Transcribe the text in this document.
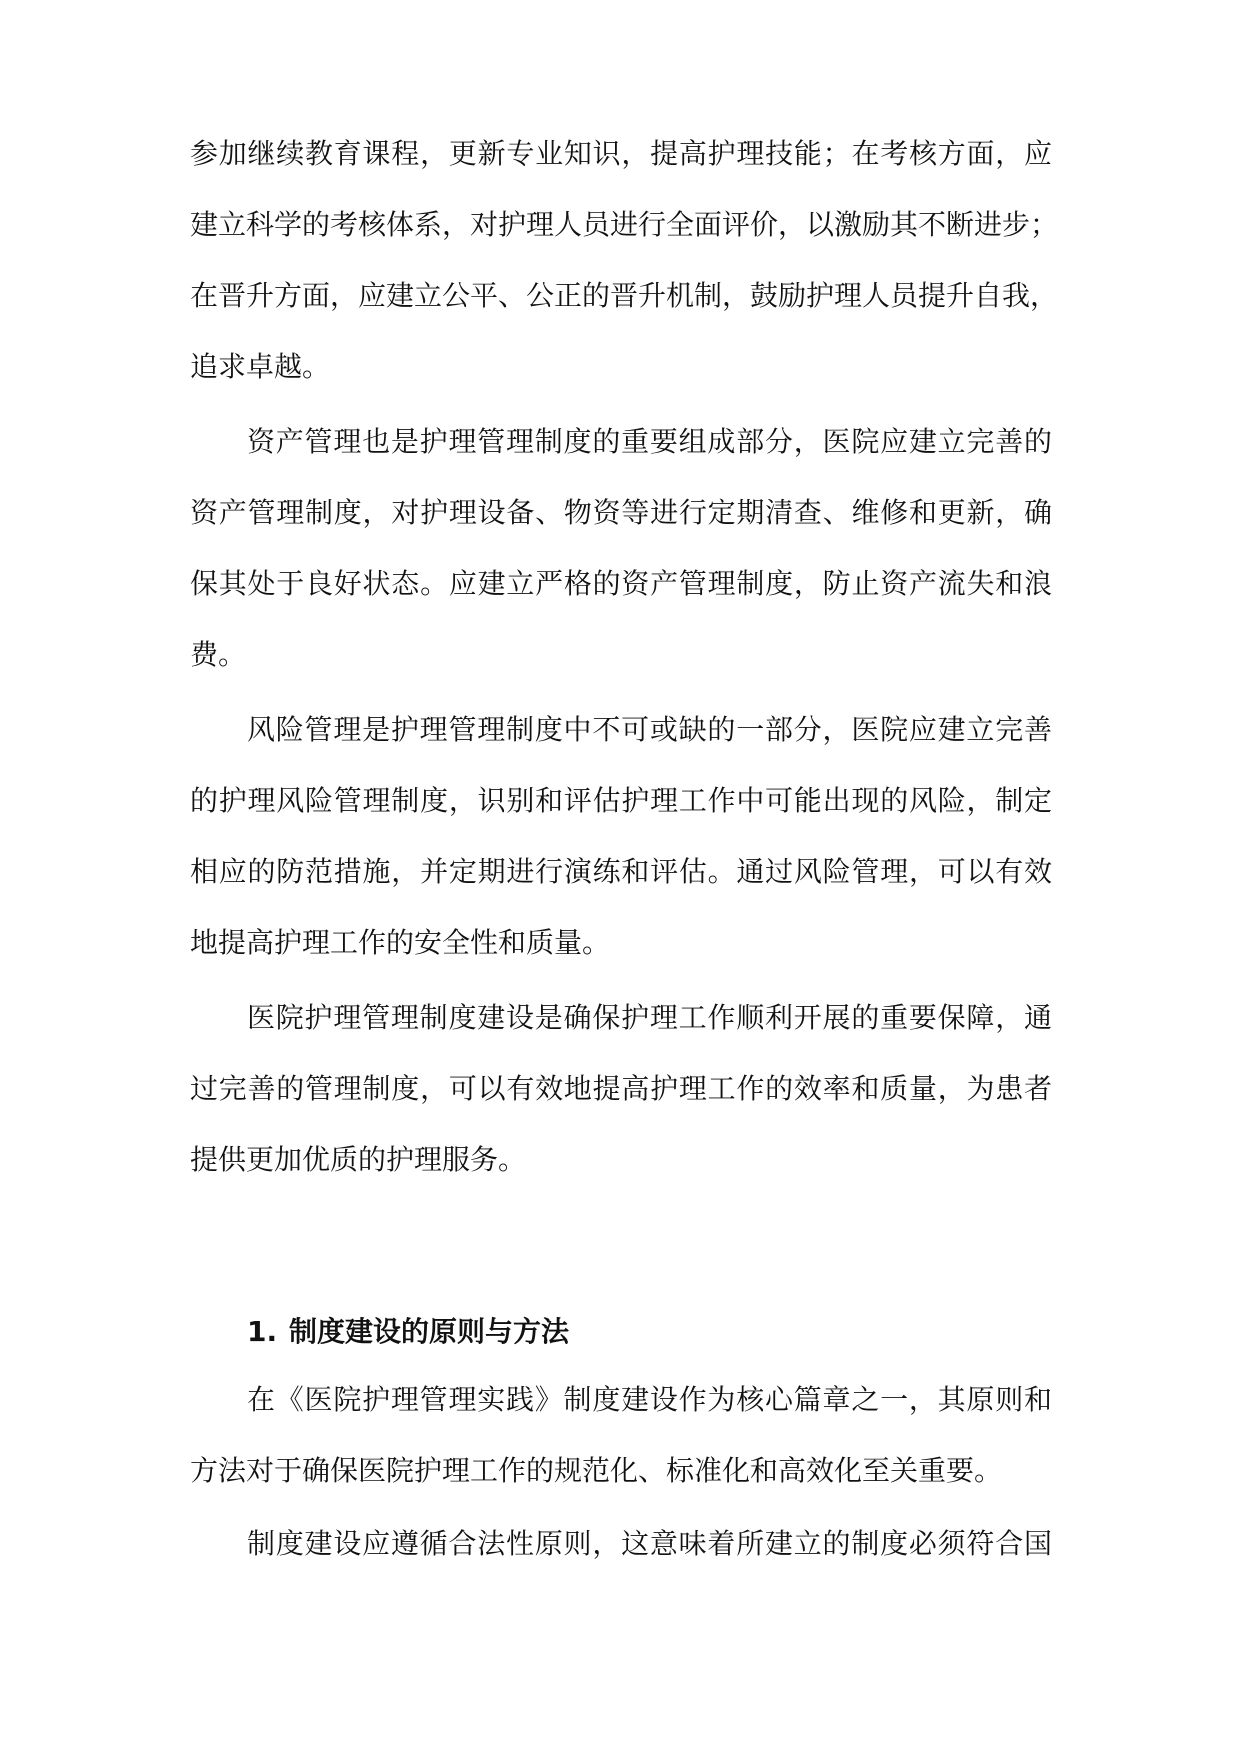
参加继续教育课程，更新专业知识，提高护理技能；在考核方面，应
建立科学的考核体系，对护理人员进行全面评价，以激励其不断进步；
在晋升方面，应建立公平、公正的晋升机制，鼓励护理人员提升自我，
追求卓越。
资产管理也是护理管理制度的重要组成部分，医院应建立完善的
资产管理制度，对护理设备、物资等进行定期清查、维修和更新，确
保其处于良好状态。应建立严格的资产管理制度，防止资产流失和浪
费。
风险管理是护理管理制度中不可或缺的一部分，医院应建立完善
的护理风险管理制度，识别和评估护理工作中可能出现的风险，制定
相应的防范措施，并定期进行演练和评估。通过风险管理，可以有效
地提高护理工作的安全性和质量。
医院护理管理制度建设是确保护理工作顺利开展的重要保障，通
过完善的管理制度，可以有效地提高护理工作的效率和质量，为患者
提供更加优质的护理服务。
1. 制度建设的原则与方法
在《医院护理管理实践》制度建设作为核心篇章之一，其原则和
方法对于确保医院护理工作的规范化、标准化和高效化至关重要。
制度建设应遵循合法性原则，这意味着所建立的制度必须符合国
